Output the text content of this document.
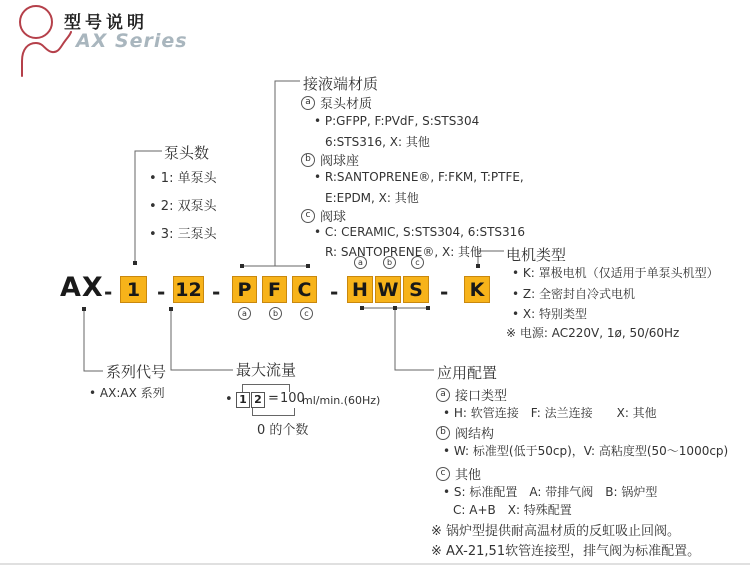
型号说明
AX Series
AX - 1 - 12 - P F C - H W S - K
a	b	c
a	b	c
泵头数
• 1: 单泵头
• 2: 双泵头
• 3: 三泵头
接液端材质
a 泵头材质
• P:GFPP, F:PVdF, S:STS304
6:STS316, X: 其他
b 阀球座
• R:SANTOPRENE®, F:FKM, T:PTFE,
E:EPDM, X: 其他
c 阀球
• C: CERAMIC, S:STS304, 6:STS316
R: SANTOPRENE®, X: 其他 电机类型
• K: 罩极电机（仅适用于单泵头机型）
• Z: 全密封自冷式电机
• X: 特别类型
※ 电源: AC220V, 1ø, 50/60Hz
系列代号
• AX:AX 系列
最大流量
• 1 2 = 100
ml/min.(60Hz)
0 的个数
应用配置
a 接口类型
• H: 软管连接　F: 法兰连接　　X: 其他
b 阀结构
• W: 标准型(低于50cp)，V: 高粘度型(50～1000cp)
c 其他
• S: 标准配置　A: 带排气阀　B: 锅炉型
C: A+B　X: 特殊配置
※ 锅炉型提供耐高温材质的反虹吸止回阀。
※ AX-21,51软管连接型，排气阀为标准配置。
